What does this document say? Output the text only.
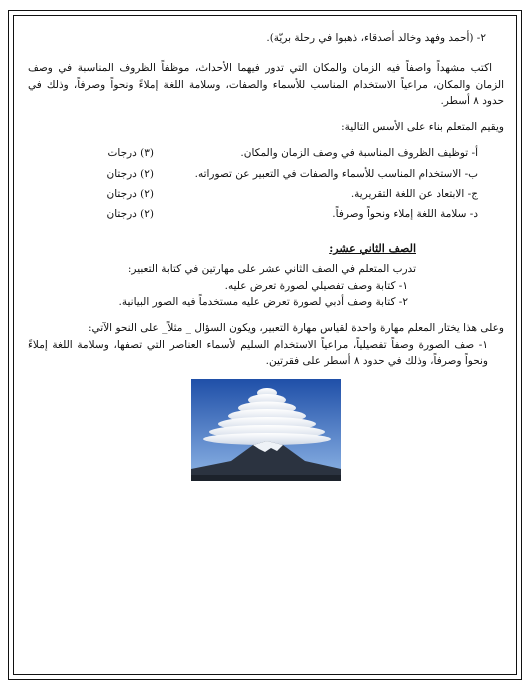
٢- (أحمد وفهد وخالد أصدقاء، ذهبوا في رحلة بريّة).

اكتب مشهداً واصفاً فيه الزمان والمكان التي تدور فيهما الأحداث، موظفاً الظروف المناسبة في وصف الزمان والمكان، مراعياً الاستخدام المناسب للأسماء والصفات، وسلامة اللغة إملاءً ونحواً وصرفاً، وذلك في حدود ٨ أسطر.

ويقيم المتعلم بناء على الأسس التالية:

أ- توظيف الظروف المناسبة في وصف الزمان والمكان.
(٣) درجات
ب- الاستخدام المناسب للأسماء والصفات في التعبير عن تصوراته.
(٢) درجتان
ج- الابتعاد عن اللغة التقريرية.
(٢) درجتان
د- سلامة اللغة إملاء ونحواً وصرفاً.
(٢) درجتان
الصف الثاني عشر:

تدرب المتعلم في الصف الثاني عشر على مهارتين في كتابة التعبير:

١- كتابة وصف تفصيلي لصورة تعرض عليه.

٢- كتابة وصف أدبي لصورة تعرض عليه مستخدماً فيه الصور البيانية.

وعلى هذا يختار المعلم مهارة واحدة لقياس مهارة التعبير، ويكون السؤال _ مثلاً_ على النحو الآتي:

١- صف الصورة وصفاً تفصيلياً، مراعياً الاستخدام السليم لأسماء العناصر التي تصفها، وسلامة اللغة إملاءً ونحواً وصرفاً، وذلك في حدود ٨ أسطر على فقرتين.
